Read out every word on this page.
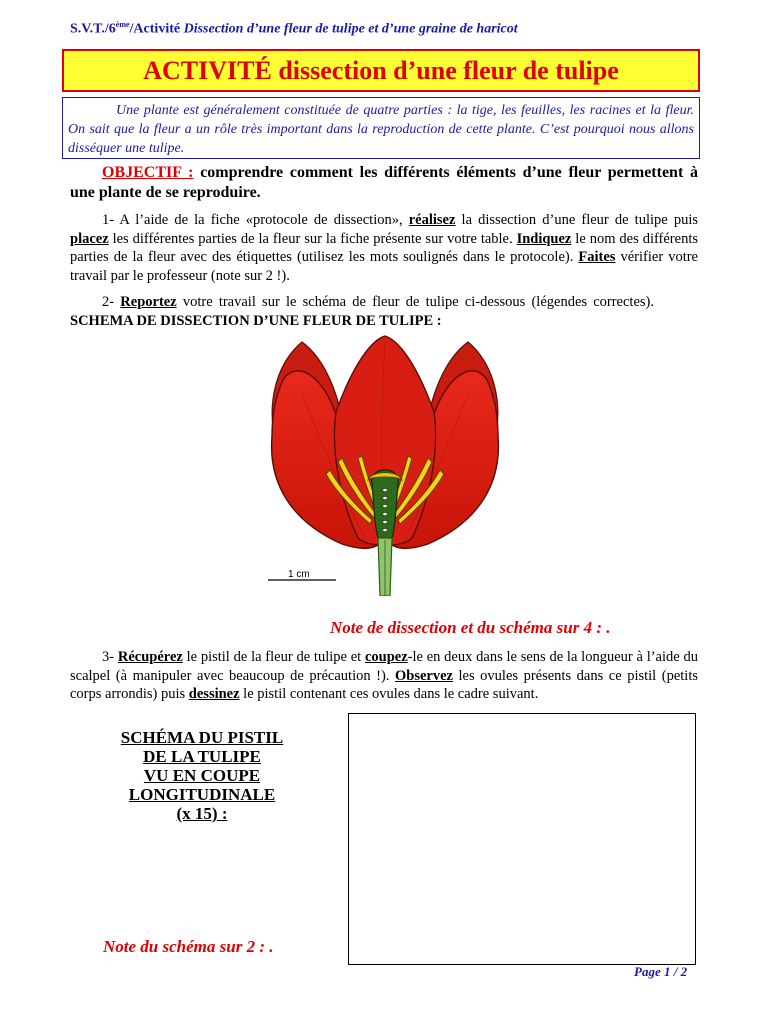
S.V.T./6ème/Activité Dissection d’une fleur de tulipe et d’une graine de haricot
ACTIVITÉ dissection d’une fleur de tulipe
Une plante est généralement constituée de quatre parties : la tige, les feuilles, les racines et la fleur. On sait que la fleur a un rôle très important dans la reproduction de cette plante. C’est pourquoi nous allons disséquer une tulipe.
OBJECTIF : comprendre comment les différents éléments d’une fleur permettent à une plante de se reproduire.
1- A l’aide de la fiche «protocole de dissection», réalisez la dissection d’une fleur de tulipe puis placez les différentes parties de la fleur sur la fiche présente sur votre table. Indiquez le nom des différents parties de la fleur avec des étiquettes (utilisez les mots soulignés dans le protocole). Faites vérifier votre travail par le professeur (note sur 2 !).
2- Reportez votre travail sur le schéma de fleur de tulipe ci-dessous (légendes correctes).SCHEMA DE DISSECTION D’UNE FLEUR DE TULIPE :
1 cm
Note de dissection et du schéma sur 4 : .
3- Récupérez le pistil de la fleur de tulipe et coupez-le en deux dans le sens de la longueur à l’aide du scalpel (à manipuler avec beaucoup de précaution !). Observez les ovules présents dans ce pistil (petits corps arrondis) puis dessinez le pistil contenant ces ovules dans le cadre suivant.
SCHÉMA DU PISTIL
DE LA TULIPE
VU EN COUPE
LONGITUDINALE
(x 15) :
Note du schéma sur 2 : .
Page 1 / 2
